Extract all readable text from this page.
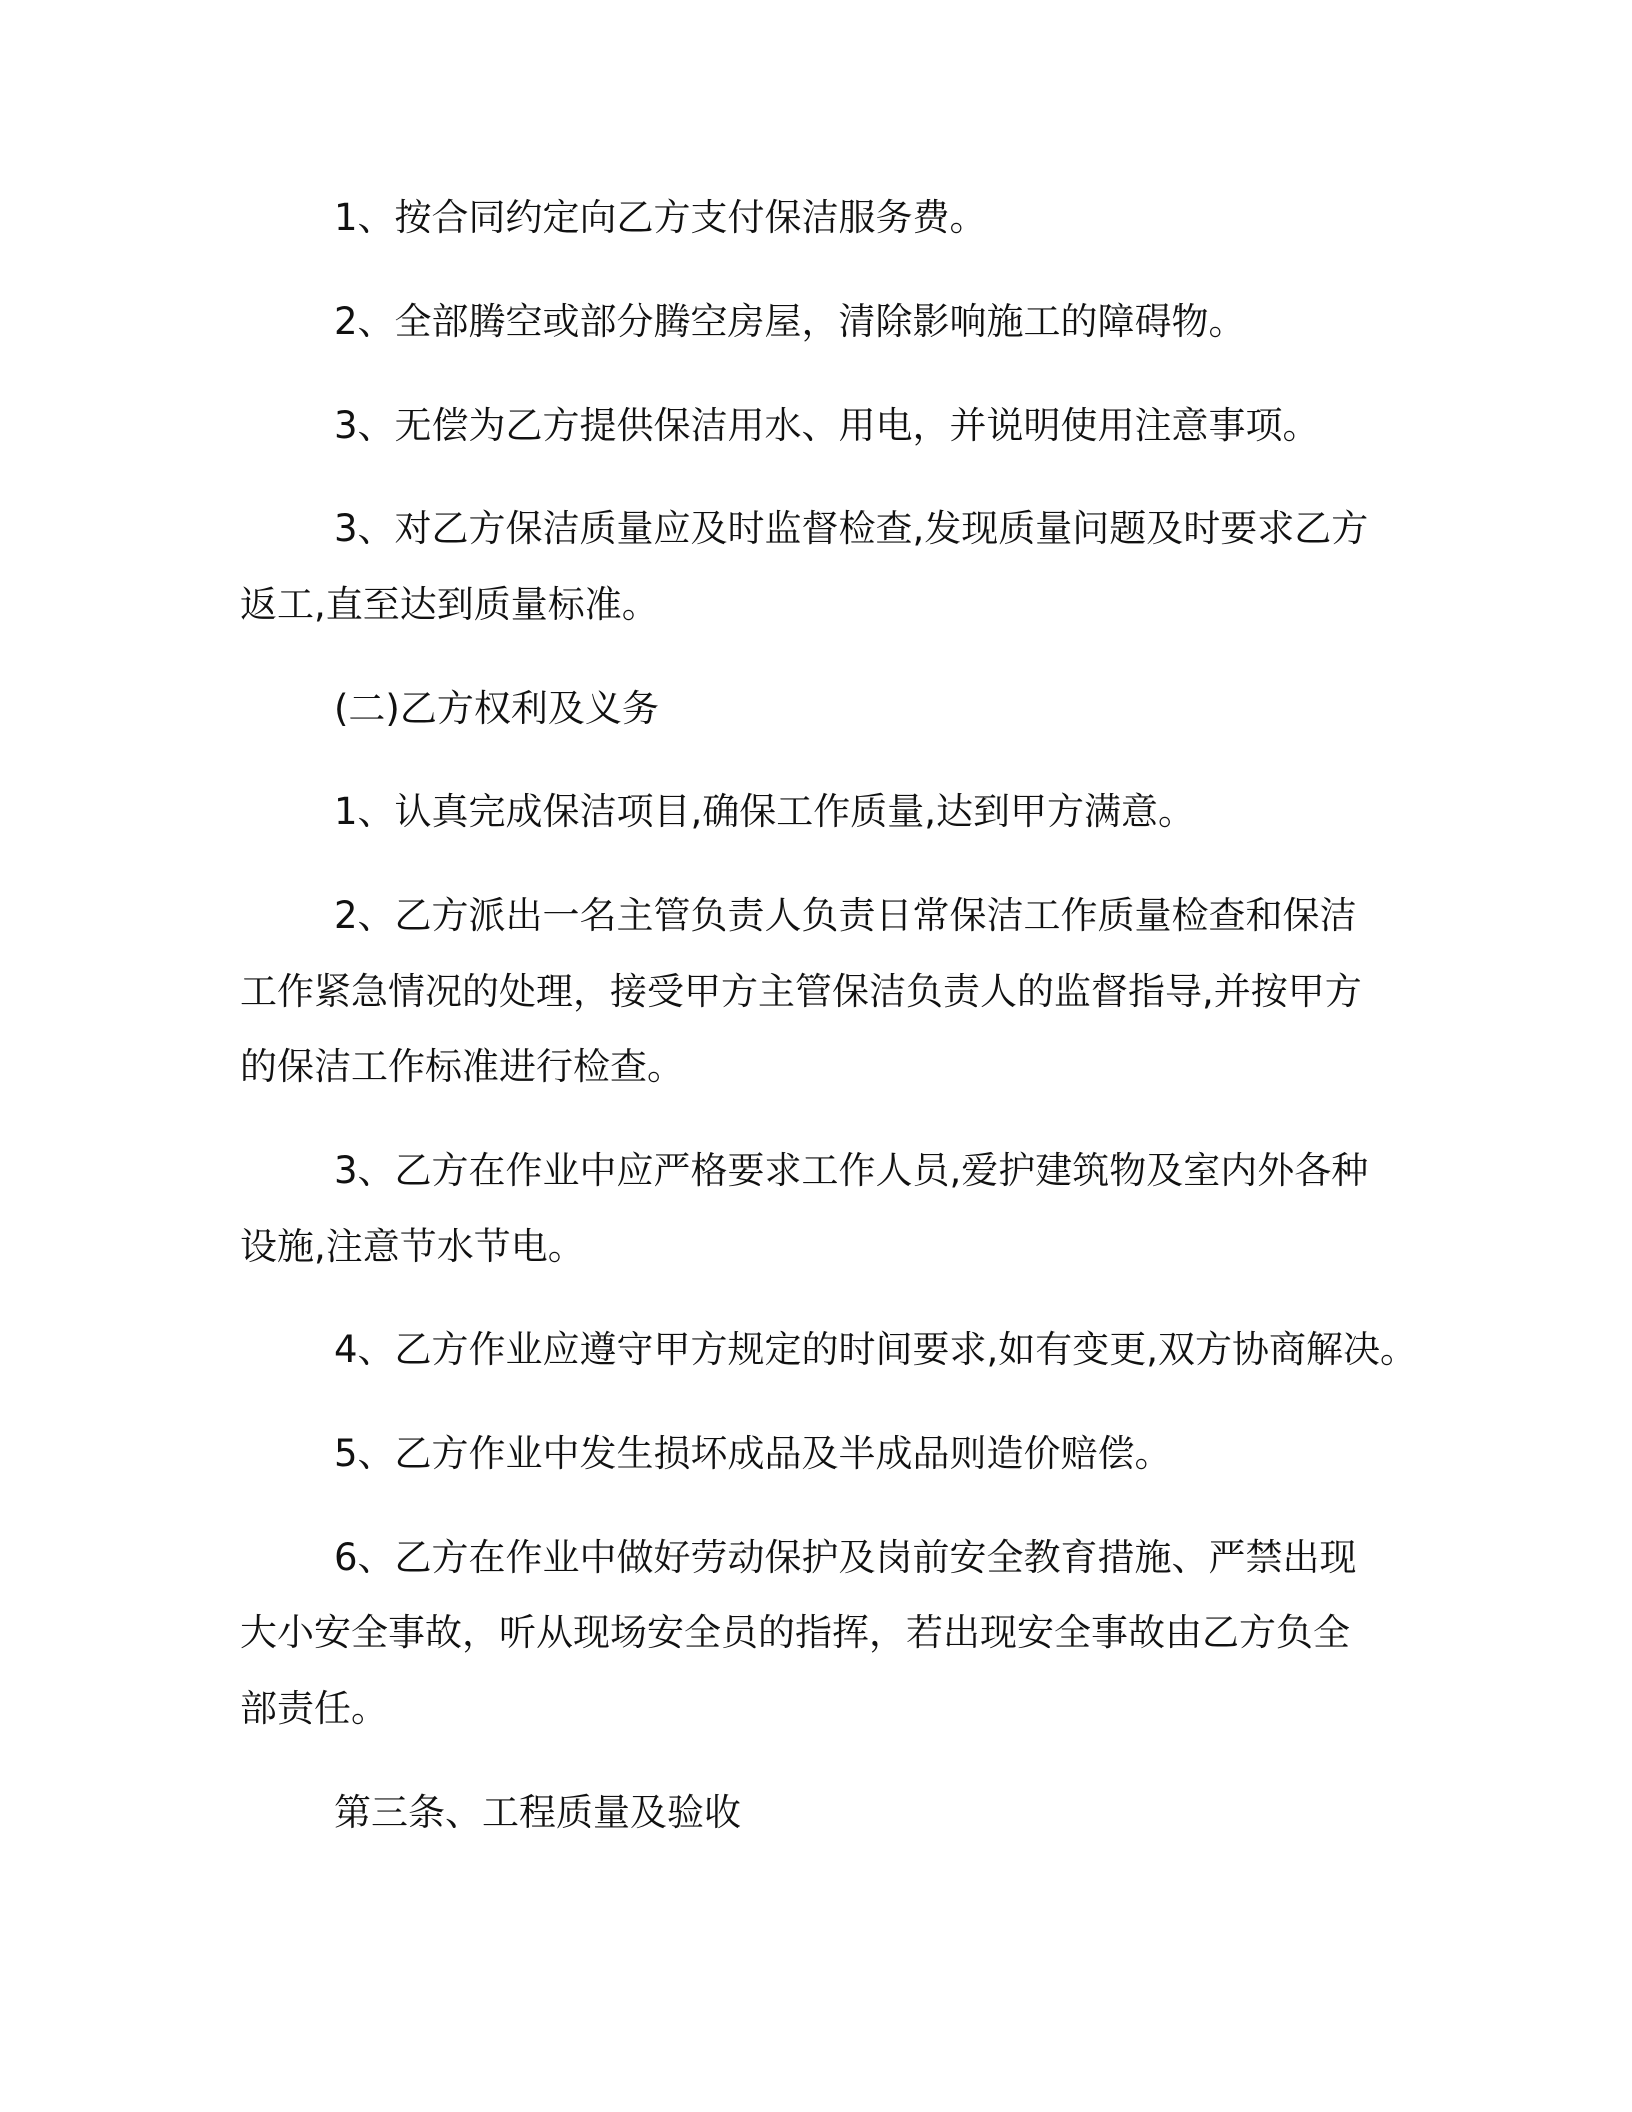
1、按合同约定向乙方支付保洁服务费。

2、全部腾空或部分腾空房屋，清除影响施工的障碍物。

3、无偿为乙方提供保洁用水、用电，并说明使用注意事项。

3、对乙方保洁质量应及时监督检查,发现质量问题及时要求乙方

返工,直至达到质量标准。

(二)乙方权利及义务

1、认真完成保洁项目,确保工作质量,达到甲方满意。

2、乙方派出一名主管负责人负责日常保洁工作质量检查和保洁

工作紧急情况的处理，接受甲方主管保洁负责人的监督指导,并按甲方

的保洁工作标准进行检查。

3、乙方在作业中应严格要求工作人员,爱护建筑物及室内外各种

设施,注意节水节电。

4、乙方作业应遵守甲方规定的时间要求,如有变更,双方协商解决。

5、乙方作业中发生损坏成品及半成品则造价赔偿。

6、乙方在作业中做好劳动保护及岗前安全教育措施、严禁出现

大小安全事故，听从现场安全员的指挥，若出现安全事故由乙方负全

部责任。

第三条、工程质量及验收
